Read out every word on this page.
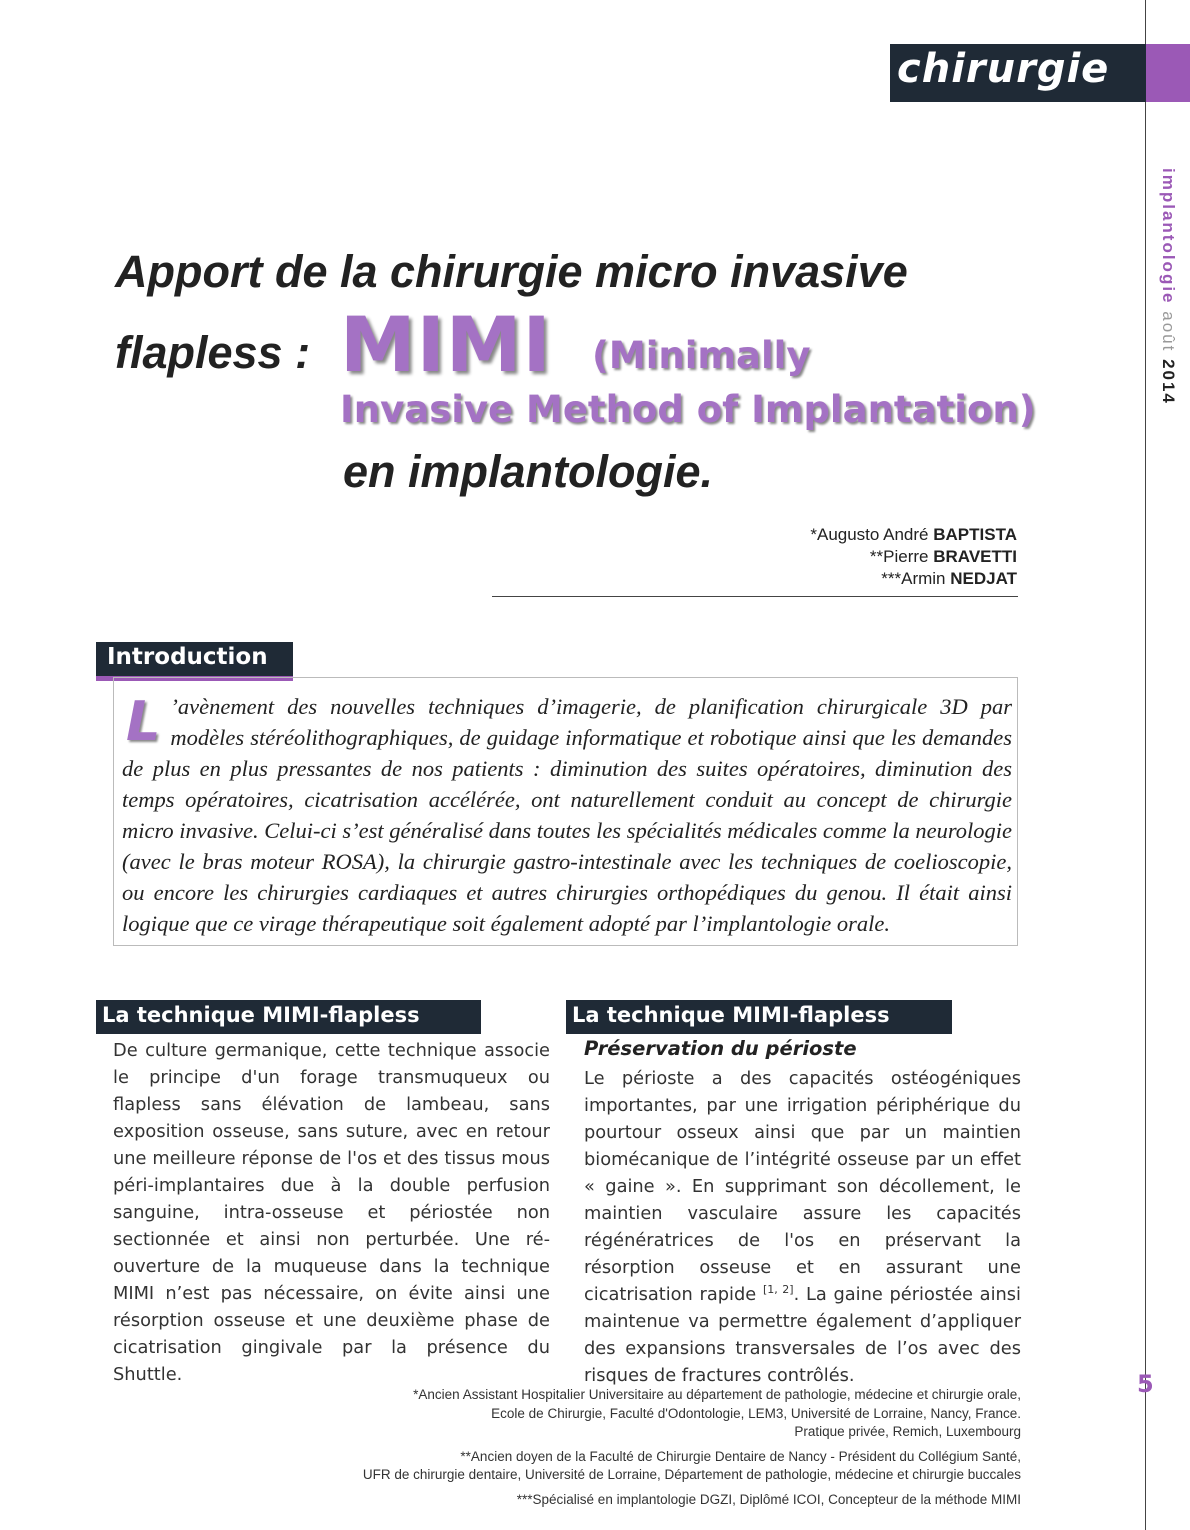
chirurgie
implantologie août 2014
Apport de la chirurgie micro invasive
flapless : MIMI (Minimally
Invasive Method of Implantation)
en implantologie.
*Augusto André BAPTISTA
**Pierre BRAVETTI
***Armin NEDJAT
Introduction
L ’avènement des nouvelles techniques d’imagerie, de planification chirurgicale 3D par modèles stéréolithographiques, de guidage informatique et robotique ainsi que les demandes de plus en plus pressantes de nos patients : diminution des suites opératoires, diminution des temps opératoires, cicatrisation accélérée, ont naturellement conduit au concept de chirurgie micro invasive. Celui-ci s’est généralisé dans toutes les spécialités médicales comme la neurologie (avec le bras moteur ROSA), la chirurgie gastro-intestinale avec les techniques de coelioscopie, ou encore les chirurgies cardiaques et autres chirurgies orthopédiques du genou. Il était ainsi logique que ce virage thérapeutique soit également adopté par l’implantologie orale.
La technique MIMI-flapless
De culture germanique, cette technique associe le principe d'un forage transmuqueux ou flapless sans élévation de lambeau, sans exposition osseuse, sans suture, avec en retour une meilleure réponse de l'os et des tissus mous péri-implantaires due à la double perfusion sanguine, intra-osseuse et périostée non sectionnée et ainsi non perturbée. Une ré-ouverture de la muqueuse dans la technique MIMI n’est pas nécessaire, on évite ainsi une résorption osseuse et une deuxième phase de cicatrisation gingivale par la présence du Shuttle.
La technique MIMI-flapless
Préservation du périoste
Le périoste a des capacités ostéogéniques importantes, par une irrigation périphérique du pourtour osseux ainsi que par un maintien biomécanique de l’intégrité osseuse par un effet « gaine ». En supprimant son décollement, le maintien vasculaire assure les capacités régénératrices de l'os en préservant la résorption osseuse et en assurant une cicatrisation rapide [1, 2]. La gaine périostée ainsi maintenue va permettre également d’appliquer des expansions transversales de l’os avec des risques de fractures contrôlés.	5
*Ancien Assistant Hospitalier Universitaire au département de pathologie, médecine et chirurgie orale,
Ecole de Chirurgie, Faculté d'Odontologie, LEM3, Université de Lorraine, Nancy, France.
Pratique privée, Remich, Luxembourg
**Ancien doyen de la Faculté de Chirurgie Dentaire de Nancy - Président du Collégium Santé,
UFR de chirurgie dentaire, Université de Lorraine, Département de pathologie, médecine et chirurgie buccales
***Spécialisé en implantologie DGZI, Diplômé ICOI, Concepteur de la méthode MIMI
